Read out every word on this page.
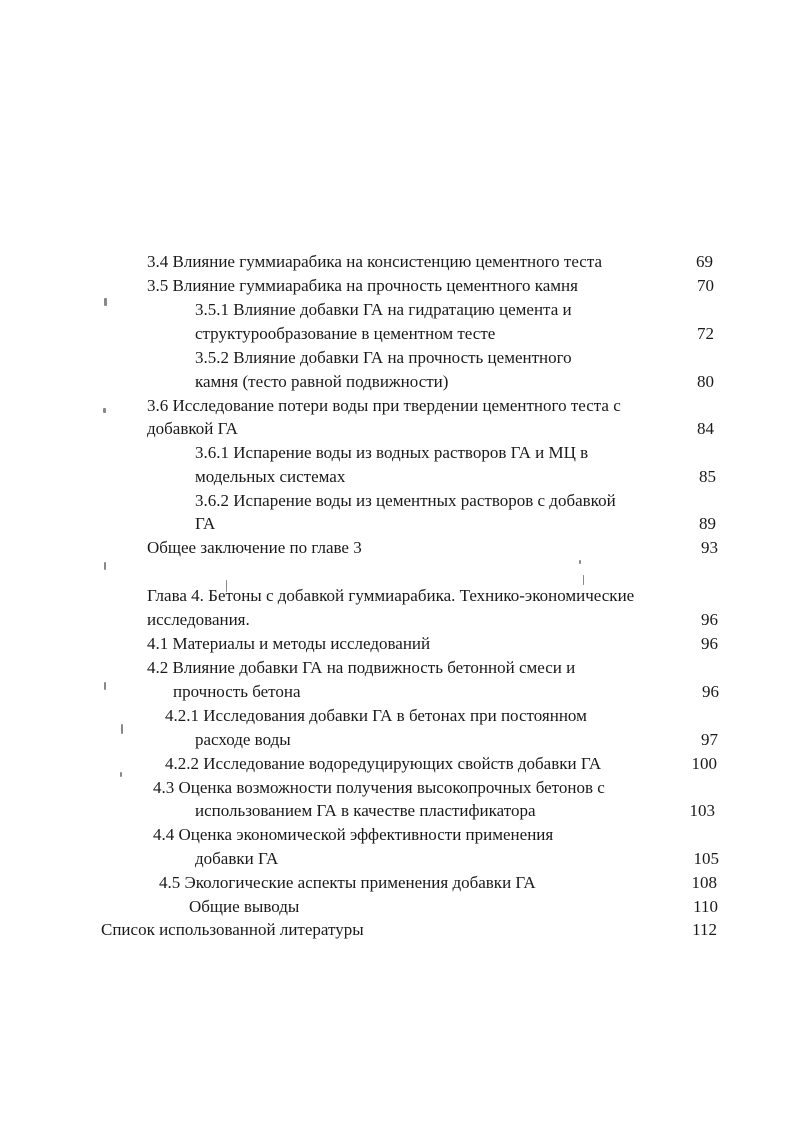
3.4 Влияние гуммиарабика на консистенцию цементного теста	69
3.5 Влияние гуммиарабика на прочность цементного камня	70
3.5.1 Влияние добавки ГА на гидратацию цемента и
структурообразование в цементном тесте	72
3.5.2 Влияние добавки ГА на прочность цементного
камня (тесто равной подвижности)	80
3.6 Исследование потери воды при твердении цементного теста с
добавкой ГА	84
3.6.1 Испарение воды из водных растворов ГА и МЦ в
модельных системах	85
3.6.2 Испарение воды из цементных растворов с добавкой
ГА	89
Общее заключение по главе 3	93
Глава 4. Бетоны с добавкой гуммиарабика. Технико-экономические
исследования.	96
4.1 Материалы и методы исследований	96
4.2 Влияние добавки ГА на подвижность бетонной смеси и
прочность бетона	96
4.2.1 Исследования добавки ГА в бетонах при постоянном
расходе воды	97
4.2.2 Исследование водоредуцирующих свойств добавки ГА	100
4.3 Оценка возможности получения высокопрочных бетонов с
использованием ГА в качестве пластификатора	103
4.4 Оценка экономической эффективности применения
добавки ГА	105
4.5 Экологические аспекты применения добавки ГА	108
Общие выводы	110
Список использованной литературы	112
